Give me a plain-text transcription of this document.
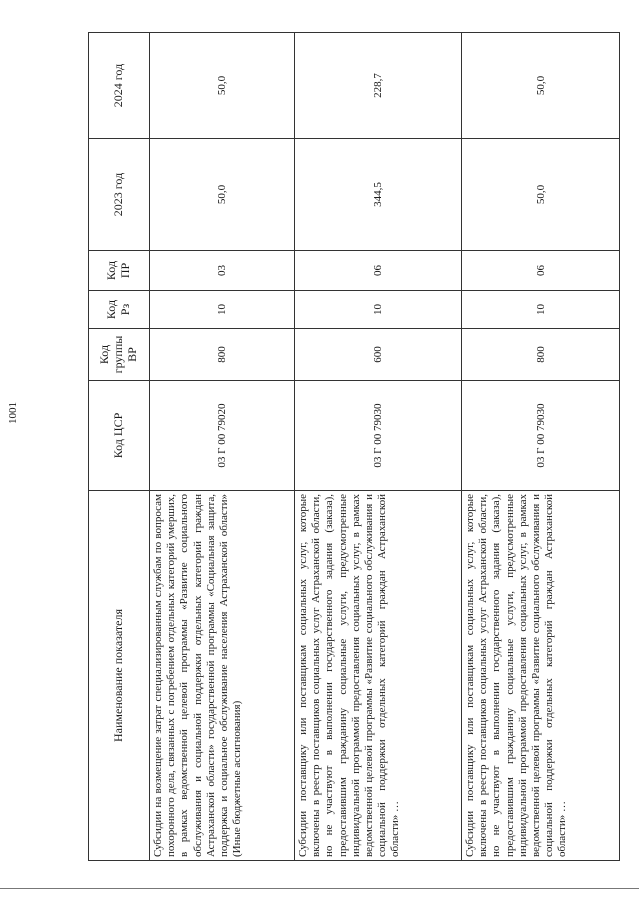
1001
Наименование показателя	Код ЦСР	Код группы ВР	Код Рз	Код ПР	2023 год	2024 год
Субсидии на возмещение затрат специализированным службам по вопросам похоронного дела, связанных с погребением отдельных категорий умерших, в рамках ведомственной целевой программы «Развитие социального обслуживания и социальной поддержки отдельных категорий граждан Астраханской области» государственной программы «Социальная защита, поддержка и социальное обслуживание населения Астраханской области» (Иные бюджетные ассигнования)	03 Г 00 79020	800	10	03	50,0	50,0
Субсидии поставщику или поставщикам социальных услуг, которые включены в реестр поставщиков социальных услуг Астраханской области, но не участвуют в выполнении государственного задания (заказа), предоставившим гражданину социальные услуги, предусмотренные индивидуальной программой предоставления социальных услуг, в рамках ведомственной целевой программы «Развитие социального обслуживания и социальной поддержки отдельных категорий граждан Астраханской области» …	03 Г 00 79030	600	10	06	344,5	228,7
Субсидии поставщику или поставщикам социальных услуг, которые включены в реестр поставщиков социальных услуг Астраханской области, но не участвуют в выполнении государственного задания (заказа), предоставившим гражданину социальные услуги, предусмотренные индивидуальной программой предоставления социальных услуг, в рамках ведомственной целевой программы «Развитие социального обслуживания и социальной поддержки отдельных категорий граждан Астраханской области» …	03 Г 00 79030	800	10	06	50,0	50,0
